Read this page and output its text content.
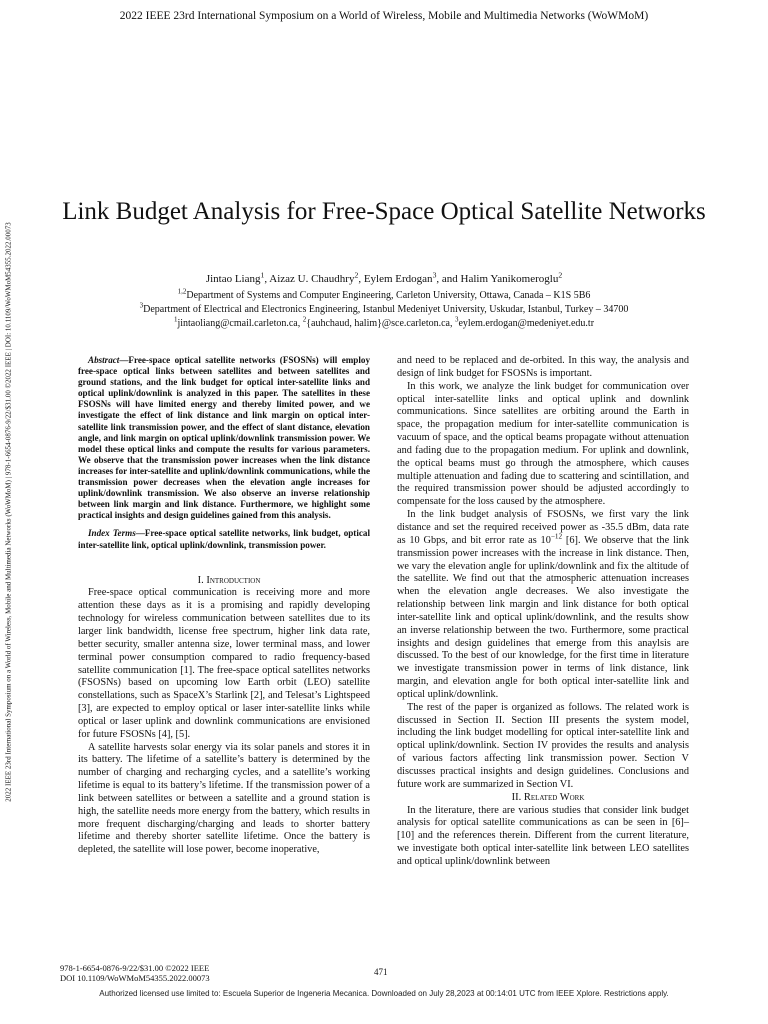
2022 IEEE 23rd International Symposium on a World of Wireless, Mobile and Multimedia Networks (WoWMoM)
2022 IEEE 23rd International Symposium on a World of Wireless, Mobile and Multimedia Networks (WoWMoM) | 978-1-6654-0876-9/22/$31.00 ©2022 IEEE | DOI: 10.1109/WoWMoM54355.2022.00073
Link Budget Analysis for Free-Space Optical Satellite Networks
Jintao Liang$^1$, Aizaz U. Chaudhry$^2$, Eylem Erdogan$^3$, and Halim Yanikomeroglu$^2$
$^{1,2}$Department of Systems and Computer Engineering, Carleton University, Ottawa, Canada – K1S 5B6
$^3$Department of Electrical and Electronics Engineering, Istanbul Medeniyet University, Uskudar, Istanbul, Turkey – 34700
$^1$jintaoliang@cmail.carleton.ca, $^2${auhchaud, halim}@sce.carleton.ca, $^3$eylem.erdogan@medeniyet.edu.tr

Abstract—Free-space optical satellite networks (FSOSNs) will employ free-space optical links between satellites and between satellites and ground stations, and the link budget for optical inter-satellite links and optical uplink/downlink is analyzed in this paper. The satellites in these FSOSNs will have limited energy and thereby limited power, and we investigate the effect of link distance and link margin on optical inter-satellite link transmission power, and the effect of slant distance, elevation angle, and link margin on optical uplink/downlink transmission power. We model these optical links and compute the results for various parameters. We observe that the transmission power increases when the link distance increases for inter-satellite and uplink/downlink communications, while the transmission power decreases when the elevation angle increases for uplink/downlink transmission. We also observe an inverse relationship between link margin and link distance. Furthermore, we highlight some practical insights and design guidelines gained from this analysis.

Index Terms—Free-space optical satellite networks, link budget, optical inter-satellite link, optical uplink/downlink, transmission power.

I. Introduction

Free-space optical communication is receiving more and more attention these days as it is a promising and rapidly developing technology for wireless communication between satellites due to its larger link bandwidth, license free spectrum, higher link data rate, better security, smaller antenna size, lower terminal mass, and lower terminal power consumption compared to radio frequency-based satellite communication [1]. The free-space optical satellites networks (FSOSNs) based on upcoming low Earth orbit (LEO) satellite constellations, such as SpaceX’s Starlink [2], and Telesat’s Lightspeed [3], are expected to employ optical or laser inter-satellite links while optical or laser uplink and downlink communications are envisioned for future FSOSNs [4], [5].

A satellite harvests solar energy via its solar panels and stores it in its battery. The lifetime of a satellite’s battery is determined by the number of charging and recharging cycles, and a satellite’s working lifetime is equal to its battery’s lifetime. If the transmission power of a link between satellites or between a satellite and a ground station is high, the satellite needs more energy from the battery, which results in more frequent discharging/charging and leads to shorter battery lifetime and thereby shorter satellite lifetime. Once the battery is depleted, the satellite will lose power, become inoperative,

and need to be replaced and de-orbited. In this way, the analysis and design of link budget for FSOSNs is important.

In this work, we analyze the link budget for communication over optical inter-satellite links and optical uplink and downlink communications. Since satellites are orbiting around the Earth in space, the propagation medium for inter-satellite communication is vacuum of space, and the optical beams propagate without attenuation and fading due to the propagation medium. For uplink and downlink, the optical beams must go through the atmosphere, which causes multiple attenuation and fading due to scattering and scintillation, and the required transmission power should be adjusted accordingly to compensate for the loss caused by the atmosphere.

In the link budget analysis of FSOSNs, we first vary the link distance and set the required received power as -35.5 dBm, data rate as 10 Gbps, and bit error rate as $10^{-12}$ [6]. We observe that the link transmission power increases with the increase in link distance. Then, we vary the elevation angle for uplink/downlink and fix the altitude of the satellite. We find out that the atmospheric attenuation increases when the elevation angle decreases. We also investigate the relationship between link margin and link distance for both optical inter-satellite link and optical uplink/downlink, and the results show an inverse relationship between the two. Furthermore, some practical insights and design guidelines that emerge from this anaylsis are discussed. To the best of our knowledge, for the first time in literature we investigate transmission power in terms of link distance, link margin, and elevation angle for both optical inter-satellite link and optical uplink/downlink.

The rest of the paper is organized as follows. The related work is discussed in Section II. Section III presents the system model, including the link budget modelling for optical inter-satellite link and optical uplink/downlink. Section IV provides the results and analysis of various factors affecting link transmission power. Section V discusses practical insights and design guidelines. Conclusions and future work are summarized in Section VI.

II. Related Work

In the literature, there are various studies that consider link budget analysis for optical satellite communications as can be seen in [6]–[10] and the references therein. Different from the current literature, we investigate both optical inter-satellite link between LEO satellites and optical uplink/downlink between

978-1-6654-0876-9/22/$31.00 ©2022 IEEE
DOI 10.1109/WoWMoM54355.2022.00073
471
Authorized licensed use limited to: Escuela Superior de Ingeneria Mecanica. Downloaded on July 28,2023 at 00:14:01 UTC from IEEE Xplore. Restrictions apply.
